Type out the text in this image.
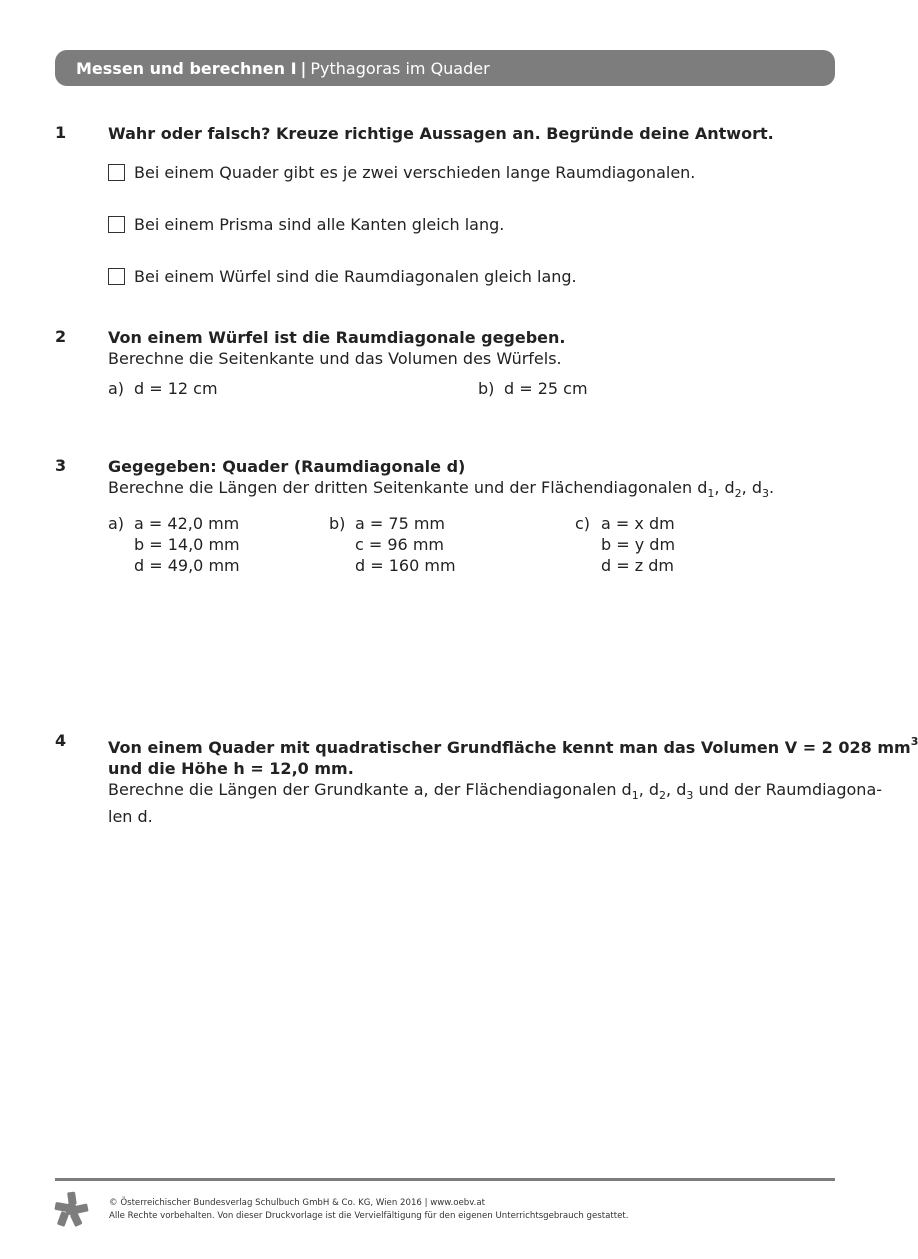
Messen und berechnen I | Pythagoras im Quader
1	Wahr oder falsch? Kreuze richtige Aussagen an. Begründe deine Antwort.
Bei einem Quader gibt es je zwei verschieden lange Raumdiagonalen.
Bei einem Prisma sind alle Kanten gleich lang.
Bei einem Würfel sind die Raumdiagonalen gleich lang.
2	Von einem Würfel ist die Raumdiagonale gegeben.
Berechne die Seitenkante und das Volumen des Würfels.
a) d = 12 cm	b) d = 25 cm
3	Gegegeben: Quader (Raumdiagonale d)
Berechne die Längen der dritten Seitenkante und der Flächendiagonalen $d_1$, $d_2$, $d_3$.
a) a = 42,0 mm
b = 14,0 mm
d = 49,0 mm
b) a = 75 mm
c = 96 mm
d = 160 mm
c) a = x dm
b = y dm
d = z dm
4	Von einem Quader mit quadratischer Grundfläche kennt man das Volumen V = 2 028 $mm^3$
und die Höhe h = 12,0 mm.
Berechne die Längen der Grundkante a, der Flächendiagonalen $d_1$, $d_2$, $d_3$ und der Raumdiagona-
len d.
© Österreichischer Bundesverlag Schulbuch GmbH & Co. KG, Wien 2016 | www.oebv.at
Alle Rechte vorbehalten. Von dieser Druckvorlage ist die Vervielfältigung für den eigenen Unterrichtsgebrauch gestattet.
